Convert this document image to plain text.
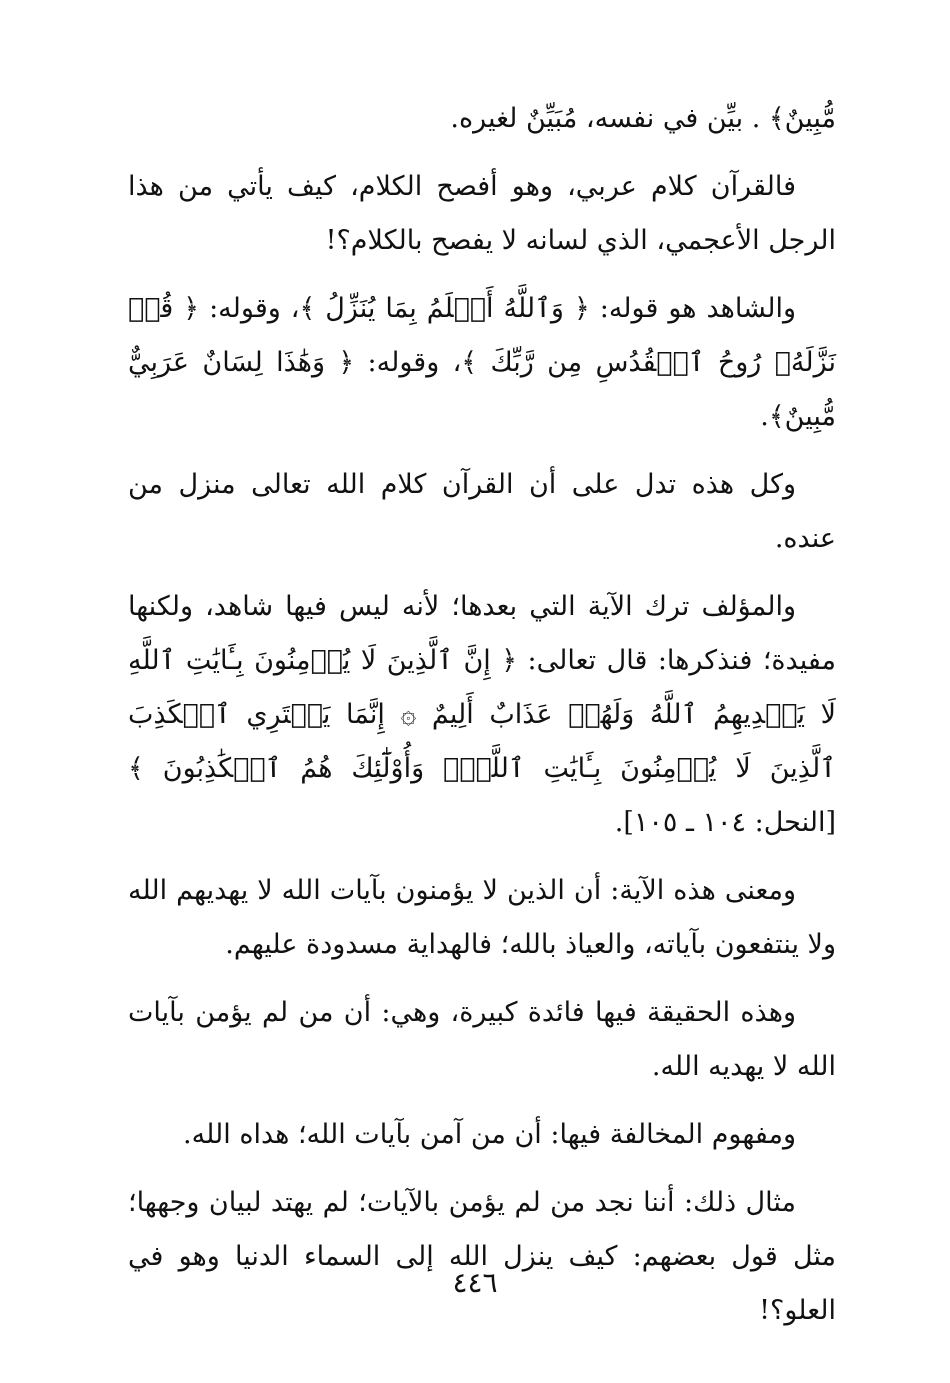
مُّبِينٌ﴾ . بيِّن في نفسه، مُبَيِّنٌ لغيره.

فالقرآن كلام عربي، وهو أفصح الكلام، كيف يأتي من هذا الرجل الأعجمي، الذي لسانه لا يفصح بالكلام؟!

والشاهد هو قوله: ﴿ وَٱللَّهُ أَعۡلَمُ بِمَا يُنَزِّلُ ﴾، وقوله: ﴿ قُلۡ نَزَّلَهُۥ رُوحُ ٱلۡقُدُسِ مِن رَّبِّكَ ﴾، وقوله: ﴿ وَهَٰذَا لِسَانٌ عَرَبِيٌّ مُّبِينٌ﴾.

وكل هذه تدل على أن القرآن كلام الله تعالى منزل من عنده.

والمؤلف ترك الآية التي بعدها؛ لأنه ليس فيها شاهد، ولكنها مفيدة؛ فنذكرها: قال تعالى: ﴿ إِنَّ ٱلَّذِينَ لَا يُؤۡمِنُونَ بِـَٔايَٰتِ ٱللَّهِ لَا يَهۡدِيهِمُ ٱللَّهُ وَلَهُمۡ عَذَابٌ أَلِيمٌ ۞ إِنَّمَا يَفۡتَرِي ٱلۡكَذِبَ ٱلَّذِينَ لَا يُؤۡمِنُونَ بِـَٔايَٰتِ ٱللَّهِۖ وَأُوْلَٰٓئِكَ هُمُ ٱلۡكَٰذِبُونَ ﴾ [النحل: ١٠٤ ـ ١٠٥].

ومعنى هذه الآية: أن الذين لا يؤمنون بآيات الله لا يهديهم الله ولا ينتفعون بآياته، والعياذ بالله؛ فالهداية مسدودة عليهم.

وهذه الحقيقة فيها فائدة كبيرة، وهي: أن من لم يؤمن بآيات الله لا يهديه الله.

ومفهوم المخالفة فيها: أن من آمن بآيات الله؛ هداه الله.

مثال ذلك: أننا نجد من لم يؤمن بالآيات؛ لم يهتد لبيان وجهها؛ مثل قول بعضهم: كيف ينزل الله إلى السماء الدنيا وهو في العلو؟!

٤٤٦
